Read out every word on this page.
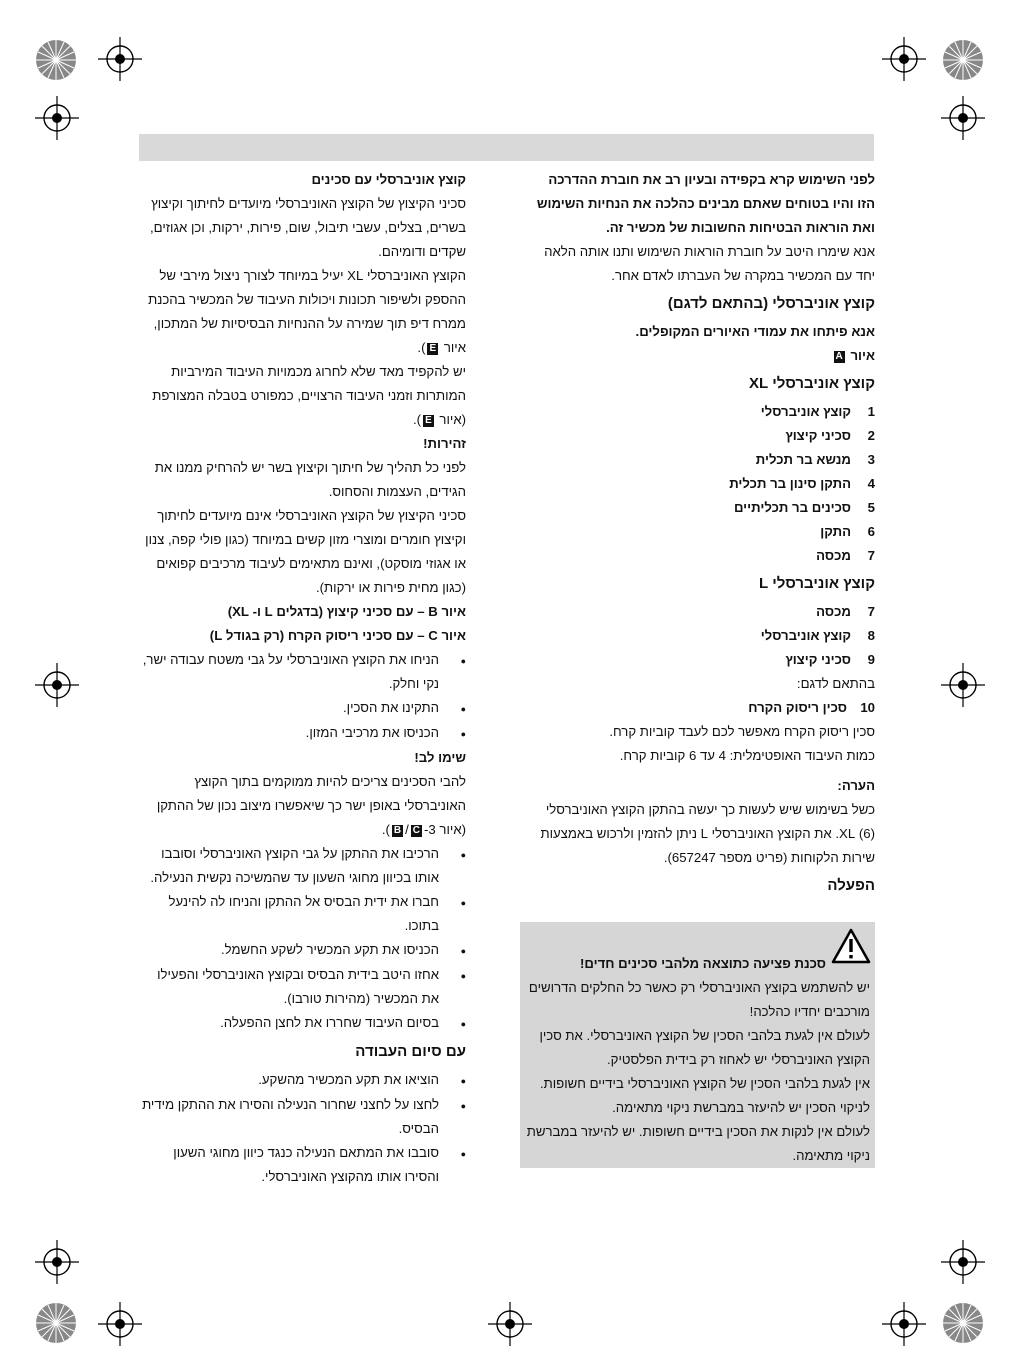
לפני השימוש קרא בקפידה ובעיון רב את חוברת ההדרכה הזו והיו בטוחים שאתם מבינים כהלכה את הנחיות השימוש ואת הוראות הבטיחות החשובות של מכשיר זה.

אנא שימרו היטב על חוברת הוראות השימוש ותנו אותה הלאה יחד עם המכשיר במקרה של העברתו לאדם אחר.

קוצץ אוניברסלי (בהתאם לדגם)

אנא פיתחו את עמודי האיורים המקופלים.

איור A

קוצץ אוניברסלי XL

1
קוצץ אוניברסלי
2
סכיני קיצוץ
3
מנשא בר תכלית
4
התקן סינון בר תכלית
5
סכינים בר תכליתיים
6
התקן
7
מכסה

קוצץ אוניברסלי L

7
מכסה
8
קוצץ אוניברסלי
9
סכיני קיצוץ

בהתאם לדגם:

10
סכין ריסוק הקרח

סכין ריסוק הקרח מאפשר לכם לעבד קוביות קרח.

כמות העיבוד האופטימלית: 4 עד 6 קוביות קרח.

הערה:

כשל בשימוש שיש לעשות כך יעשה בהתקן הקוצץ האוניברסלי (6) XL. את הקוצץ האוניברסלי L ניתן להזמין ולרכוש באמצעות שירות הלקוחות (פריט מספר 657247).

הפעלה

סכנת פציעה כתוצאה מלהבי סכינים חדים!

יש להשתמש בקוצץ האוניברסלי רק כאשר כל החלקים הדרושים מורכבים יחדיו כהלכה!

לעולם אין לגעת בלהבי הסכין של הקוצץ האוניברסלי. את סכין הקוצץ האוניברסלי יש לאחוז רק בידית הפלסטיק.

אין לגעת בלהבי הסכין של הקוצץ האוניברסלי בידיים חשופות. לניקוי הסכין יש להיעזר במברשת ניקוי מתאימה.

לעולם אין לנקות את הסכין בידיים חשופות. יש להיעזר במברשת ניקוי מתאימה.

קוצץ אוניברסלי עם סכינים

סכיני הקיצוץ של הקוצץ האוניברסלי מיועדים לחיתוך וקיצוץ בשרים, בצלים, עשבי תיבול, שום, פירות, ירקות, וכן אגוזים, שקדים ודומיהם.

הקוצץ האוניברסלי XL יעיל במיוחד לצורך ניצול מירבי של ההספק ולשיפור תכונות ויכולות העיבוד של המכשיר בהכנת ממרח דיפ תוך שמירה על ההנחיות הבסיסיות של המתכון, איור E).

יש להקפיד מאד שלא לחרוג מכמויות העיבוד המירביות המותרות וזמני העיבוד הרצויים, כמפורט בטבלה המצורפת (איור E).

זהירות!

לפני כל תהליך של חיתוך וקיצוץ בשר יש להרחיק ממנו את הגידים, העצמות והסחוס.

סכיני הקיצוץ של הקוצץ האוניברסלי אינם מיועדים לחיתוך וקיצוץ חומרים ומוצרי מזון קשים במיוחד (כגון פולי קפה, צנון או אגוזי מוסקט), ואינם מתאימים לעיבוד מרכיבים קפואים (כגון מחית פירות או ירקות).

איור B – עם סכיני קיצוץ (בדגלים L ו- XL)

איור C – עם סכיני ריסוק הקרח (רק בגודל L)

●
הניחו את הקוצץ האוניברסלי על גבי משטח עבודה ישר, נקי וחלק.
●
התקינו את הסכין.
●
הכניסו את מרכיבי המזון.

שימו לב!

להבי הסכינים צריכים להיות ממוקמים בתוך הקוצץ האוניברסלי באופן ישר כך שיאפשרו מיצוב נכון של ההתקן (איור 3-C/B).

●
הרכיבו את ההתקן על גבי הקוצץ האוניברסלי וסובבו אותו בכיוון מחוגי השעון עד שהמשיכה נקשית הנעילה.
●
חברו את ידית הבסיס אל ההתקן והניחו לה להינעל בתוכו.
●
הכניסו את תקע המכשיר לשקע החשמל.
●
אחזו היטב בידית הבסיס ובקוצץ האוניברסלי והפעילו את המכשיר (מהירות טורבו).
●
בסיום העיבוד שחררו את לחצן ההפעלה.

עם סיום העבודה

●
הוציאו את תקע המכשיר מהשקע.
●
לחצו על לחצני שחרור הנעילה והסירו את ההתקן מידית הבסיס.
●
סובבו את המתאם הנעילה כנגד כיוון מחוגי השעון והסירו אותו מהקוצץ האוניברסלי.
